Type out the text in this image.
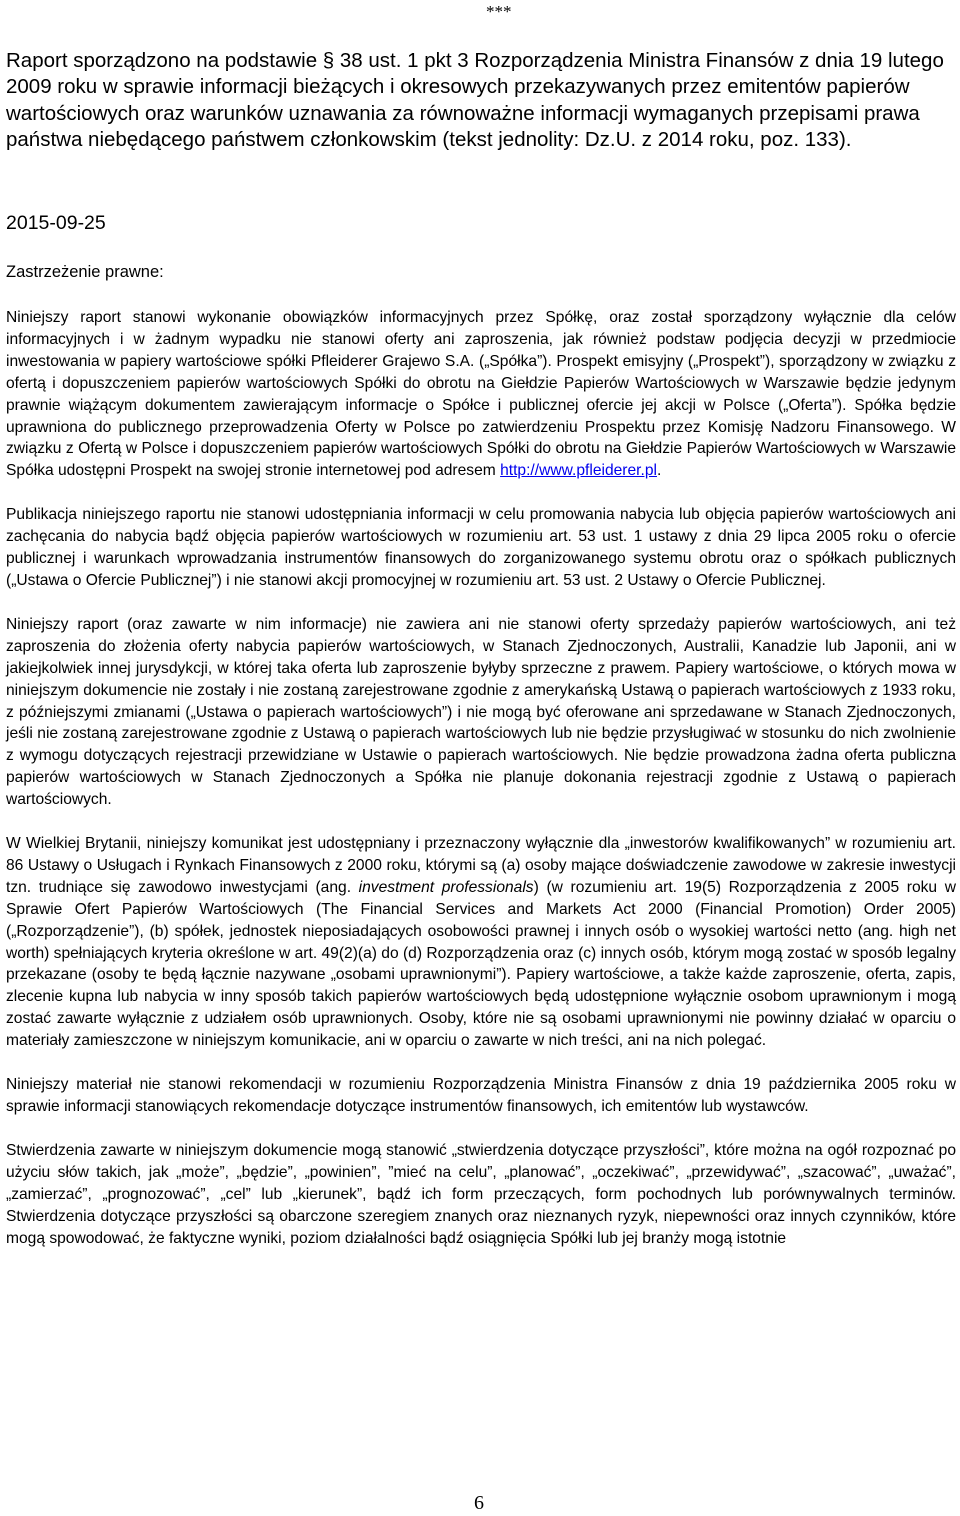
***
Raport sporządzono na podstawie § 38 ust. 1 pkt 3 Rozporządzenia Ministra Finansów z dnia 19 lutego 2009 roku w sprawie informacji bieżących i okresowych przekazywanych przez emitentów papierów wartościowych oraz warunków uznawania za równoważne informacji wymaganych przepisami prawa państwa niebędącego państwem członkowskim (tekst jednolity: Dz.U. z 2014 roku, poz. 133).
2015-09-25
Zastrzeżenie prawne:

Niniejszy raport stanowi wykonanie obowiązków informacyjnych przez Spółkę, oraz został sporządzony wyłącznie dla celów informacyjnych i w żadnym wypadku nie stanowi oferty ani zaproszenia, jak również podstaw podjęcia decyzji w przedmiocie inwestowania w papiery wartościowe spółki Pfleiderer Grajewo S.A. („Spółka”). Prospekt emisyjny („Prospekt”), sporządzony w związku z ofertą i dopuszczeniem papierów wartościowych Spółki do obrotu na Giełdzie Papierów Wartościowych w Warszawie będzie jedynym prawnie wiążącym dokumentem zawierającym informacje o Spółce i publicznej ofercie jej akcji w Polsce („Oferta”). Spółka będzie uprawniona do publicznego przeprowadzenia Oferty w Polsce po zatwierdzeniu Prospektu przez Komisję Nadzoru Finansowego. W związku z Ofertą w Polsce i dopuszczeniem papierów wartościowych Spółki do obrotu na Giełdzie Papierów Wartościowych w Warszawie Spółka udostępni Prospekt na swojej stronie internetowej pod adresem http://www.pfleiderer.pl.

Publikacja niniejszego raportu nie stanowi udostępniania informacji w celu promowania nabycia lub objęcia papierów wartościowych ani zachęcania do nabycia bądź objęcia papierów wartościowych w rozumieniu art. 53 ust. 1 ustawy z dnia 29 lipca 2005 roku o ofercie publicznej i warunkach wprowadzania instrumentów finansowych do zorganizowanego systemu obrotu oraz o spółkach publicznych („Ustawa o Ofercie Publicznej”) i nie stanowi akcji promocyjnej w rozumieniu art. 53 ust. 2 Ustawy o Ofercie Publicznej.

Niniejszy raport (oraz zawarte w nim informacje) nie zawiera ani nie stanowi oferty sprzedaży papierów wartościowych, ani też zaproszenia do złożenia oferty nabycia papierów wartościowych, w Stanach Zjednoczonych, Australii, Kanadzie lub Japonii, ani w jakiejkolwiek innej jurysdykcji, w której taka oferta lub zaproszenie byłyby sprzeczne z prawem. Papiery wartościowe, o których mowa w niniejszym dokumencie nie zostały i nie zostaną zarejestrowane zgodnie z amerykańską Ustawą o papierach wartościowych z 1933 roku, z późniejszymi zmianami („Ustawa o papierach wartościowych”) i nie mogą być oferowane ani sprzedawane w Stanach Zjednoczonych, jeśli nie zostaną zarejestrowane zgodnie z Ustawą o papierach wartościowych lub nie będzie przysługiwać w stosunku do nich zwolnienie z wymogu dotyczących rejestracji przewidziane w Ustawie o papierach wartościowych. Nie będzie prowadzona żadna oferta publiczna papierów wartościowych w Stanach Zjednoczonych a Spółka nie planuje dokonania rejestracji zgodnie z Ustawą o papierach wartościowych.

W Wielkiej Brytanii, niniejszy komunikat jest udostępniany i przeznaczony wyłącznie dla „inwestorów kwalifikowanych” w rozumieniu art. 86 Ustawy o Usługach i Rynkach Finansowych z 2000 roku, którymi są (a) osoby mające doświadczenie zawodowe w zakresie inwestycji tzn. trudniące się zawodowo inwestycjami (ang. investment professionals) (w rozumieniu art. 19(5) Rozporządzenia z 2005 roku w Sprawie Ofert Papierów Wartościowych (The Financial Services and Markets Act 2000 (Financial Promotion) Order 2005) („Rozporządzenie”), (b) spółek, jednostek nieposiadających osobowości prawnej i innych osób o wysokiej wartości netto (ang. high net worth) spełniających kryteria określone w art. 49(2)(a) do (d) Rozporządzenia oraz (c) innych osób, którym mogą zostać w sposób legalny przekazane (osoby te będą łącznie nazywane „osobami uprawnionymi”). Papiery wartościowe, a także każde zaproszenie, oferta, zapis, zlecenie kupna lub nabycia w inny sposób takich papierów wartościowych będą udostępnione wyłącznie osobom uprawnionym i mogą zostać zawarte wyłącznie z udziałem osób uprawnionych. Osoby, które nie są osobami uprawnionymi nie powinny działać w oparciu o materiały zamieszczone w niniejszym komunikacie, ani w oparciu o zawarte w nich treści, ani na nich polegać.

Niniejszy materiał nie stanowi rekomendacji w rozumieniu Rozporządzenia Ministra Finansów z dnia 19 października 2005 roku w sprawie informacji stanowiących rekomendacje dotyczące instrumentów finansowych, ich emitentów lub wystawców.

Stwierdzenia zawarte w niniejszym dokumencie mogą stanowić „stwierdzenia dotyczące przyszłości”, które można na ogół rozpoznać po użyciu słów takich, jak „może”, „będzie”, „powinien”, ”mieć na celu”, „planować”, „oczekiwać”, „przewidywać”, „szacować”, „uważać”, „zamierzać”, „prognozować”, „cel” lub „kierunek”, bądź ich form przeczących, form pochodnych lub porównywalnych terminów. Stwierdzenia dotyczące przyszłości są obarczone szeregiem znanych oraz nieznanych ryzyk, niepewności oraz innych czynników, które mogą spowodować, że faktyczne wyniki, poziom działalności bądź osiągnięcia Spółki lub jej branży mogą istotnie

6
